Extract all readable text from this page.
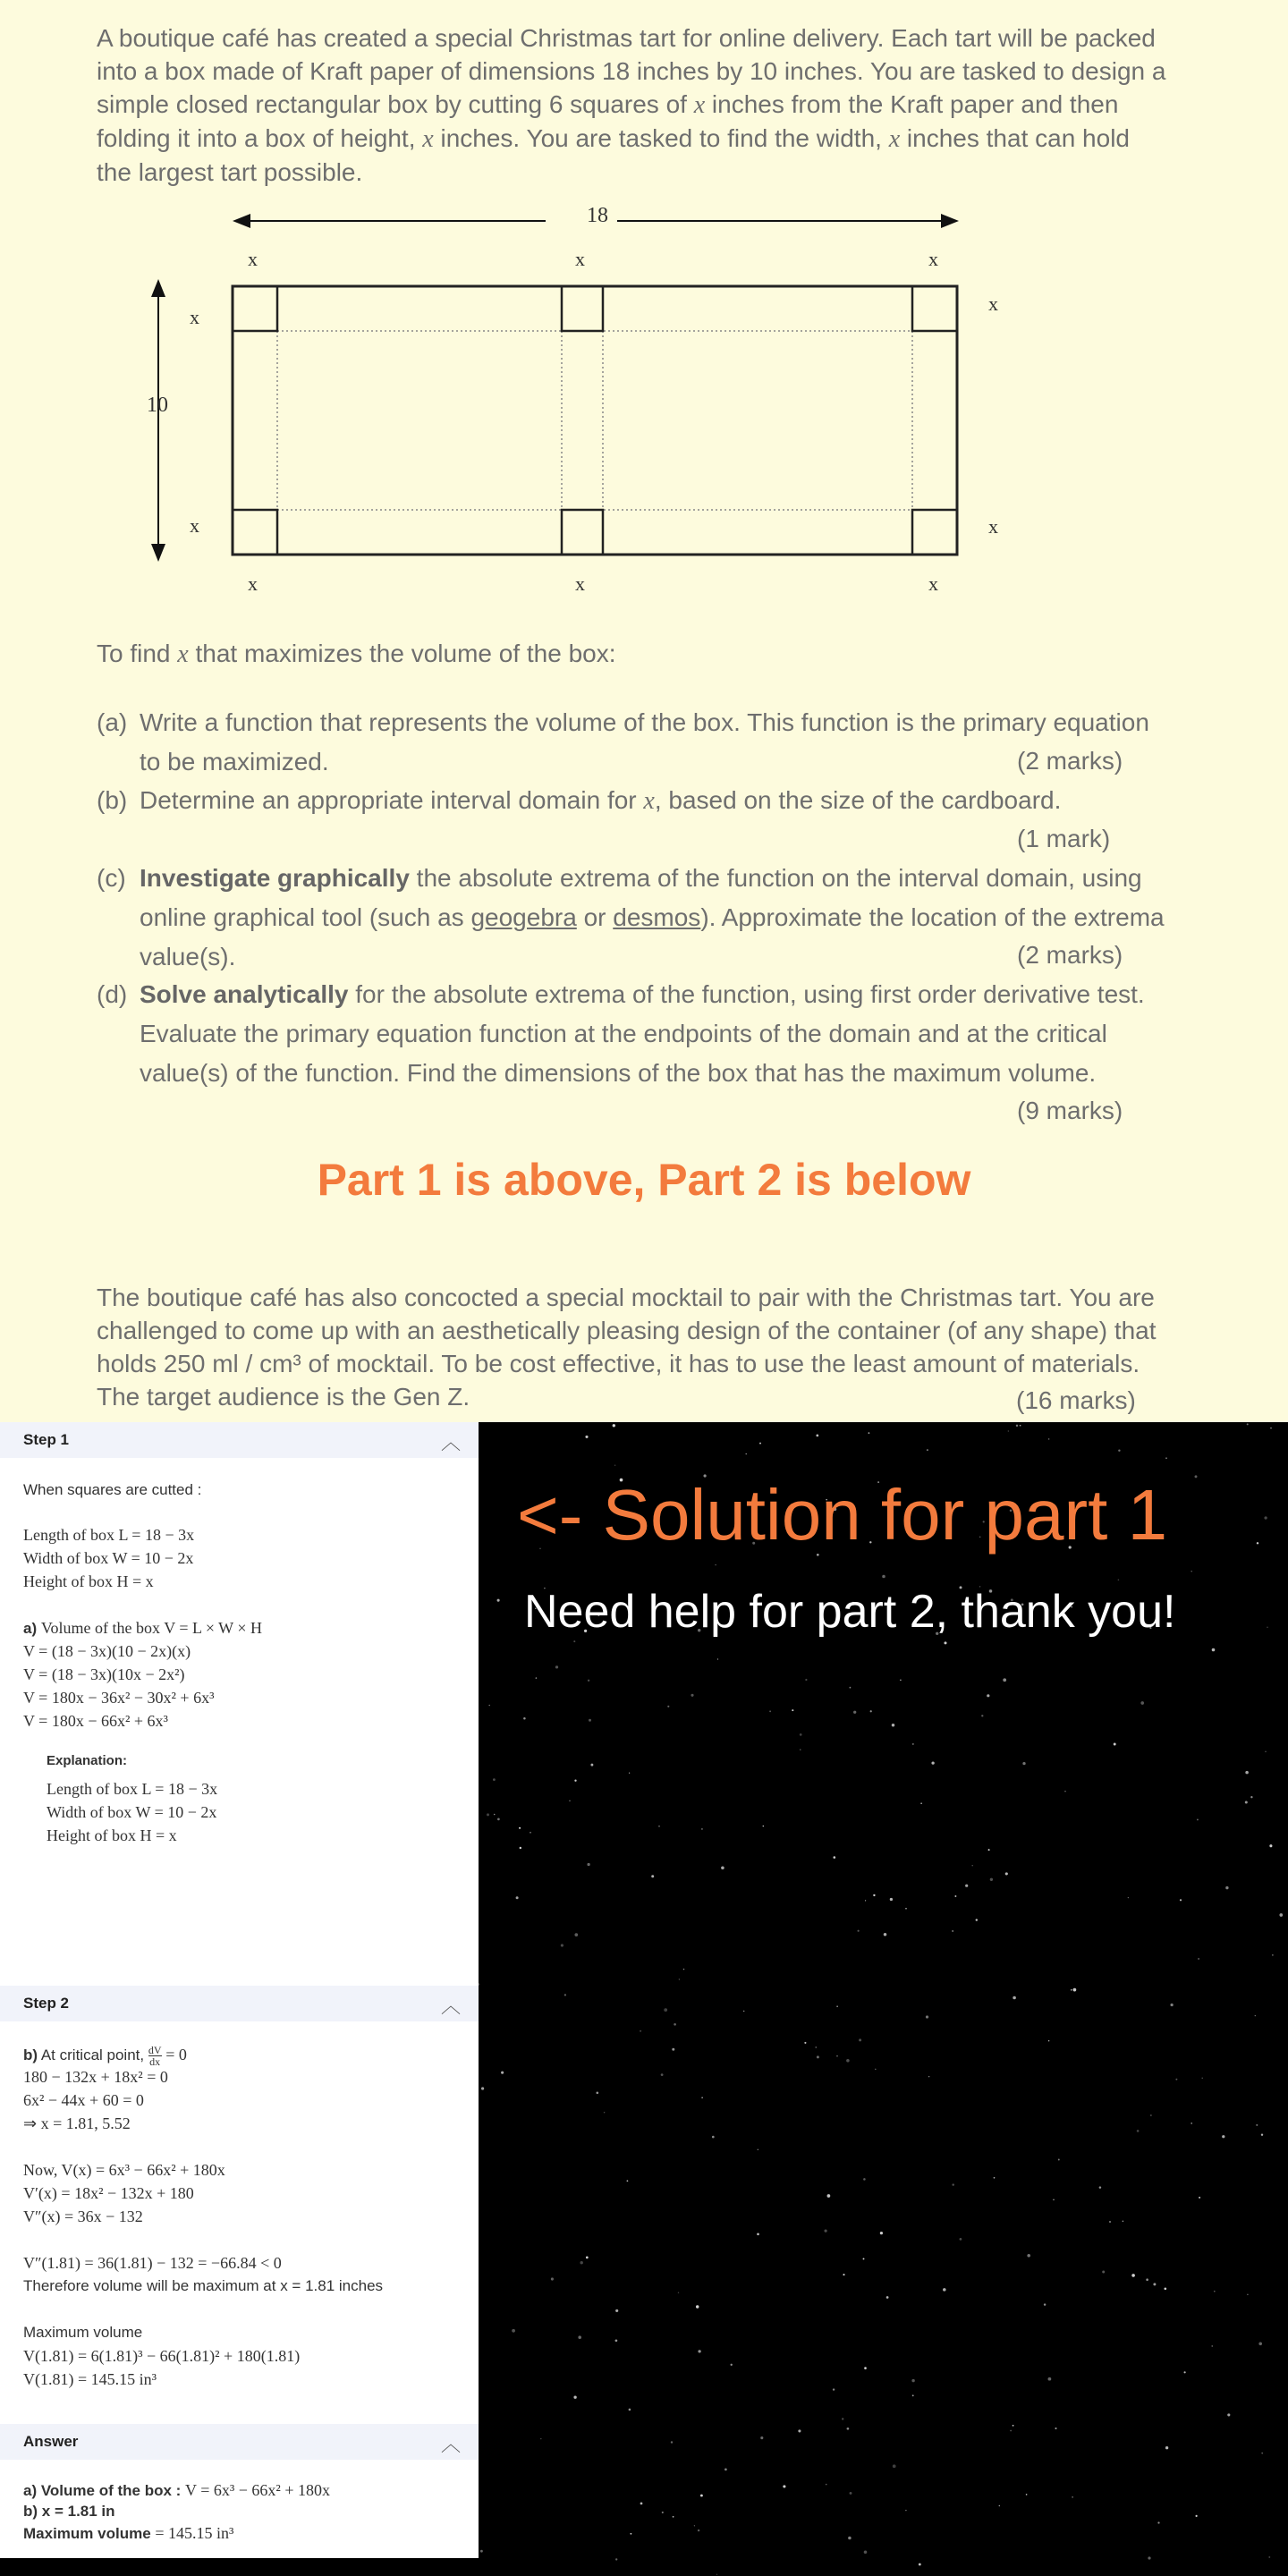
A boutique café has created a special Christmas tart for online delivery. Each tart will be packed

into a box made of Kraft paper of dimensions 18 inches by 10 inches. You are tasked to design a

simple closed rectangular box by cutting 6 squares of x inches from the Kraft paper and then

folding it into a box of height, x inches. You are tasked to find the width, x inches that can hold

the largest tart possible.

18
10
x	x	x
x
x
x	x
x	x	x
To find x that maximizes the volume of the box:
(a) Write a function that represents the volume of the box. This function is the primary equation
to be maximized.	(2 marks)
(b) Determine an appropriate interval domain for x, based on the size of the cardboard.
(1 mark)
(c) Investigate graphically the absolute extrema of the function on the interval domain, using
online graphical tool (such as geogebra or desmos). Approximate the location of the extrema
value(s).	(2 marks)
(d) Solve analytically for the absolute extrema of the function, using first order derivative test.
Evaluate the primary equation function at the endpoints of the domain and at the critical
value(s) of the function. Find the dimensions of the box that has the maximum volume.
(9 marks)
Part 1 is above, Part 2 is below

The boutique café has also concocted a special mocktail to pair with the Christmas tart. You are

challenged to come up with an aesthetically pleasing design of the container (of any shape) that

holds 250 ml / cm³ of mocktail. To be cost effective, it has to use the least amount of materials.

The target audience is the Gen Z.	(16 marks)
Step 1	︿
When squares are cutted :
Length of box L = 18 − 3x
Width of box W = 10 − 2x
Height of box H = x
a) Volume of the box V = L × W × H
V = (18 − 3x)(10 − 2x)(x)
V = (18 − 3x)(10x − 2x²)
V = 180x − 36x² − 30x² + 6x³
V = 180x − 66x² + 6x³
Explanation:
Length of box L = 18 − 3x
Width of box W = 10 − 2x
Height of box H = x
Step 2	︿
b) At critical point, $\frac{dV}{dx} = 0$
180 − 132x + 18x² = 0
6x² − 44x + 60 = 0
⇒ x = 1.81, 5.52
Now, V(x) = 6x³ − 66x² + 180x
V′(x) = 18x² − 132x + 180
V″(x) = 36x − 132
V″(1.81) = 36(1.81) − 132 = −66.84 < 0
Therefore volume will be maximum at x = 1.81 inches
Maximum volume
V(1.81) = 6(1.81)³ − 66(1.81)² + 180(1.81)
V(1.81) = 145.15 in³
Answer	︿
a) Volume of the box : V = 6x³ − 66x² + 180x
b) x = 1.81 in
Maximum volume = 145.15 in³
<- Solution for part 1
Need help for part 2, thank you!
